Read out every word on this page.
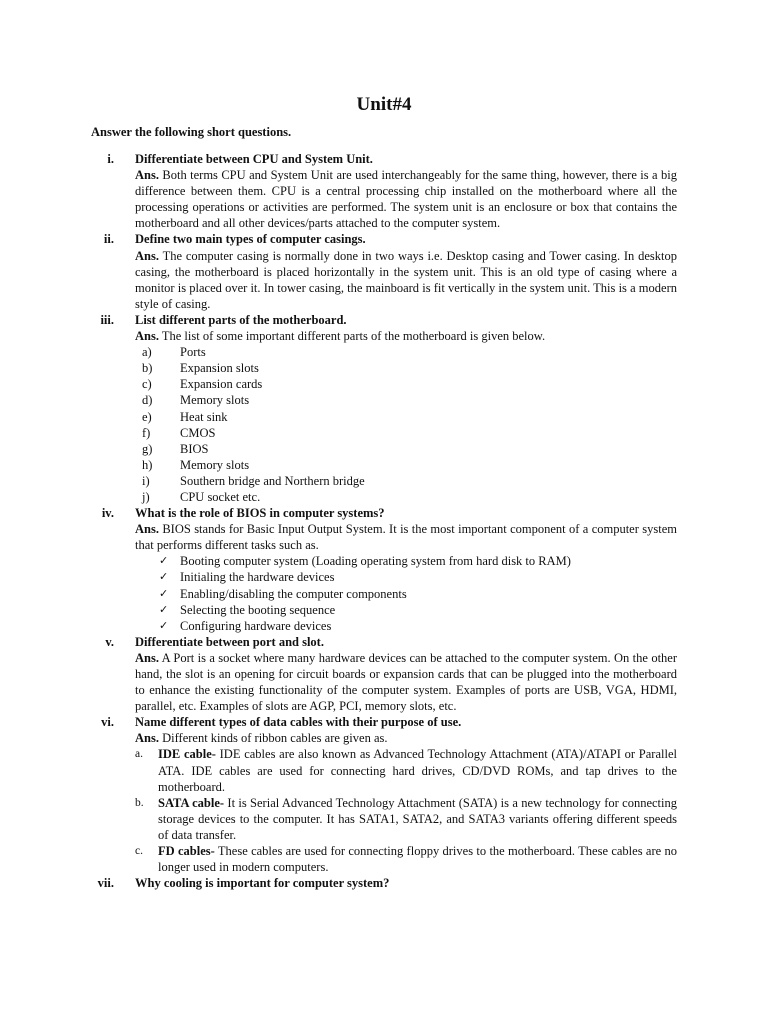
Unit#4
Answer the following short questions.
i. Differentiate between CPU and System Unit.
Ans. Both terms CPU and System Unit are used interchangeably for the same thing, however, there is a big difference between them. CPU is a central processing chip installed on the motherboard where all the processing operations or activities are performed. The system unit is an enclosure or box that contains the motherboard and all other devices/parts attached to the computer system.
ii. Define two main types of computer casings.
Ans. The computer casing is normally done in two ways i.e. Desktop casing and Tower casing. In desktop casing, the motherboard is placed horizontally in the system unit. This is an old type of casing where a monitor is placed over it. In tower casing, the mainboard is fit vertically in the system unit. This is a modern style of casing.
iii. List different parts of the motherboard.
Ans. The list of some important different parts of the motherboard is given below.
a) Ports
b) Expansion slots
c) Expansion cards
d) Memory slots
e) Heat sink
f) CMOS
g) BIOS
h) Memory slots
i) Southern bridge and Northern bridge
j) CPU socket etc.
iv. What is the role of BIOS in computer systems?
Ans. BIOS stands for Basic Input Output System. It is the most important component of a computer system that performs different tasks such as.
✓ Booting computer system (Loading operating system from hard disk to RAM)
✓ Initialing the hardware devices
✓ Enabling/disabling the computer components
✓ Selecting the booting sequence
✓ Configuring hardware devices
v. Differentiate between port and slot.
Ans. A Port is a socket where many hardware devices can be attached to the computer system. On the other hand, the slot is an opening for circuit boards or expansion cards that can be plugged into the motherboard to enhance the existing functionality of the computer system. Examples of ports are USB, VGA, HDMI, parallel, etc. Examples of slots are AGP, PCI, memory slots, etc.
vi. Name different types of data cables with their purpose of use.
Ans. Different kinds of ribbon cables are given as.
a. IDE cable- IDE cables are also known as Advanced Technology Attachment (ATA)/ATAPI or Parallel ATA. IDE cables are used for connecting hard drives, CD/DVD ROMs, and tap drives to the motherboard.
b. SATA cable- It is Serial Advanced Technology Attachment (SATA) is a new technology for connecting storage devices to the computer. It has SATA1, SATA2, and SATA3 variants offering different speeds of data transfer.
c. FD cables- These cables are used for connecting floppy drives to the motherboard. These cables are no longer used in modern computers.
vii. Why cooling is important for computer system?
